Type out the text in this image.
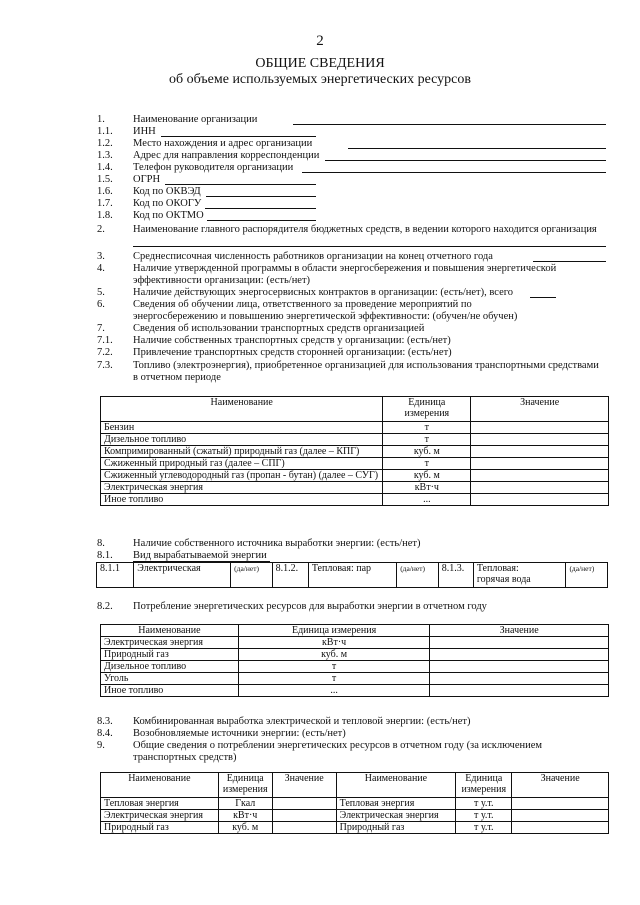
2
ОБЩИЕ СВЕДЕНИЯ
об объеме используемых энергетических ресурсов
1.	Наименование организации
1.1. ИНН
1.2. Место нахождения и адрес организации
1.3. Адрес для направления корреспонденции
1.4. Телефон руководителя организации
1.5. ОГРН
1.6. Код по ОКВЭД
1.7. Код по ОКОГУ
1.8. Код по ОКТМО
2.	Наименование главного распорядителя бюджетных средств, в ведении которого находится организация
3.	Среднесписочная численность работников организации на конец отчетного года
4.	Наличие утвержденной программы в области энергосбережения и повышения энергетической
эффективности организации: (есть/нет)
5.	Наличие действующих энергосервисных контрактов в организации: (есть/нет), всего
6.	Сведения об обучении лица, ответственного за проведение мероприятий по
энергосбережению и повышению энергетической эффективности: (обучен/не обучен)
7.	Сведения об использовании транспортных средств организацией
7.1. Наличие собственных транспортных средств у организации: (есть/нет)
7.2. Привлечение транспортных средств сторонней организации: (есть/нет)
7.3. Топливо (электроэнергия), приобретенное организацией для использования транспортными средствами
в отчетном периоде
Наименование	Единица измерения	Значение
Бензин	т	
Дизельное топливо	т	
Компримированный (сжатый) природный газ (далее – КПГ)	куб. м	
Сжиженный природный газ (далее – СПГ)	т	
Сжиженный углеводородный газ (пропан - бутан) (далее – СУГ)	куб. м	
Электрическая энергия	кВт·ч	
Иное топливо	...	
8.	Наличие собственного источника выработки энергии: (есть/нет)
8.1. Вид вырабатываемой энергии
8.1.1	Электрическая	(да/нет)	8.1.2.	Тепловая: пар	(да/нет)	8.1.3.	Тепловая:
горячая вода	(да/нет)
8.2. Потребление энергетических ресурсов для выработки энергии в отчетном году
Наименование	Единица измерения	Значение
Электрическая энергия	кВт·ч	
Природный газ	куб. м	
Дизельное топливо	т	
Уголь	т	
Иное топливо	...	
8.3. Комбинированная выработка электрической и тепловой энергии: (есть/нет)
8.4. Возобновляемые источники энергии: (есть/нет)
9.	Общие сведения о потреблении энергетических ресурсов в отчетном году (за исключением
транспортных средств)
Наименование	Единица измерения	Значение	Наименование	Единица измерения	Значение
Тепловая энергия	Гкал		Тепловая энергия	т у.т.	
Электрическая энергия	кВт·ч		Электрическая энергия	т у.т.	
Природный газ	куб. м		Природный газ	т у.т.	
